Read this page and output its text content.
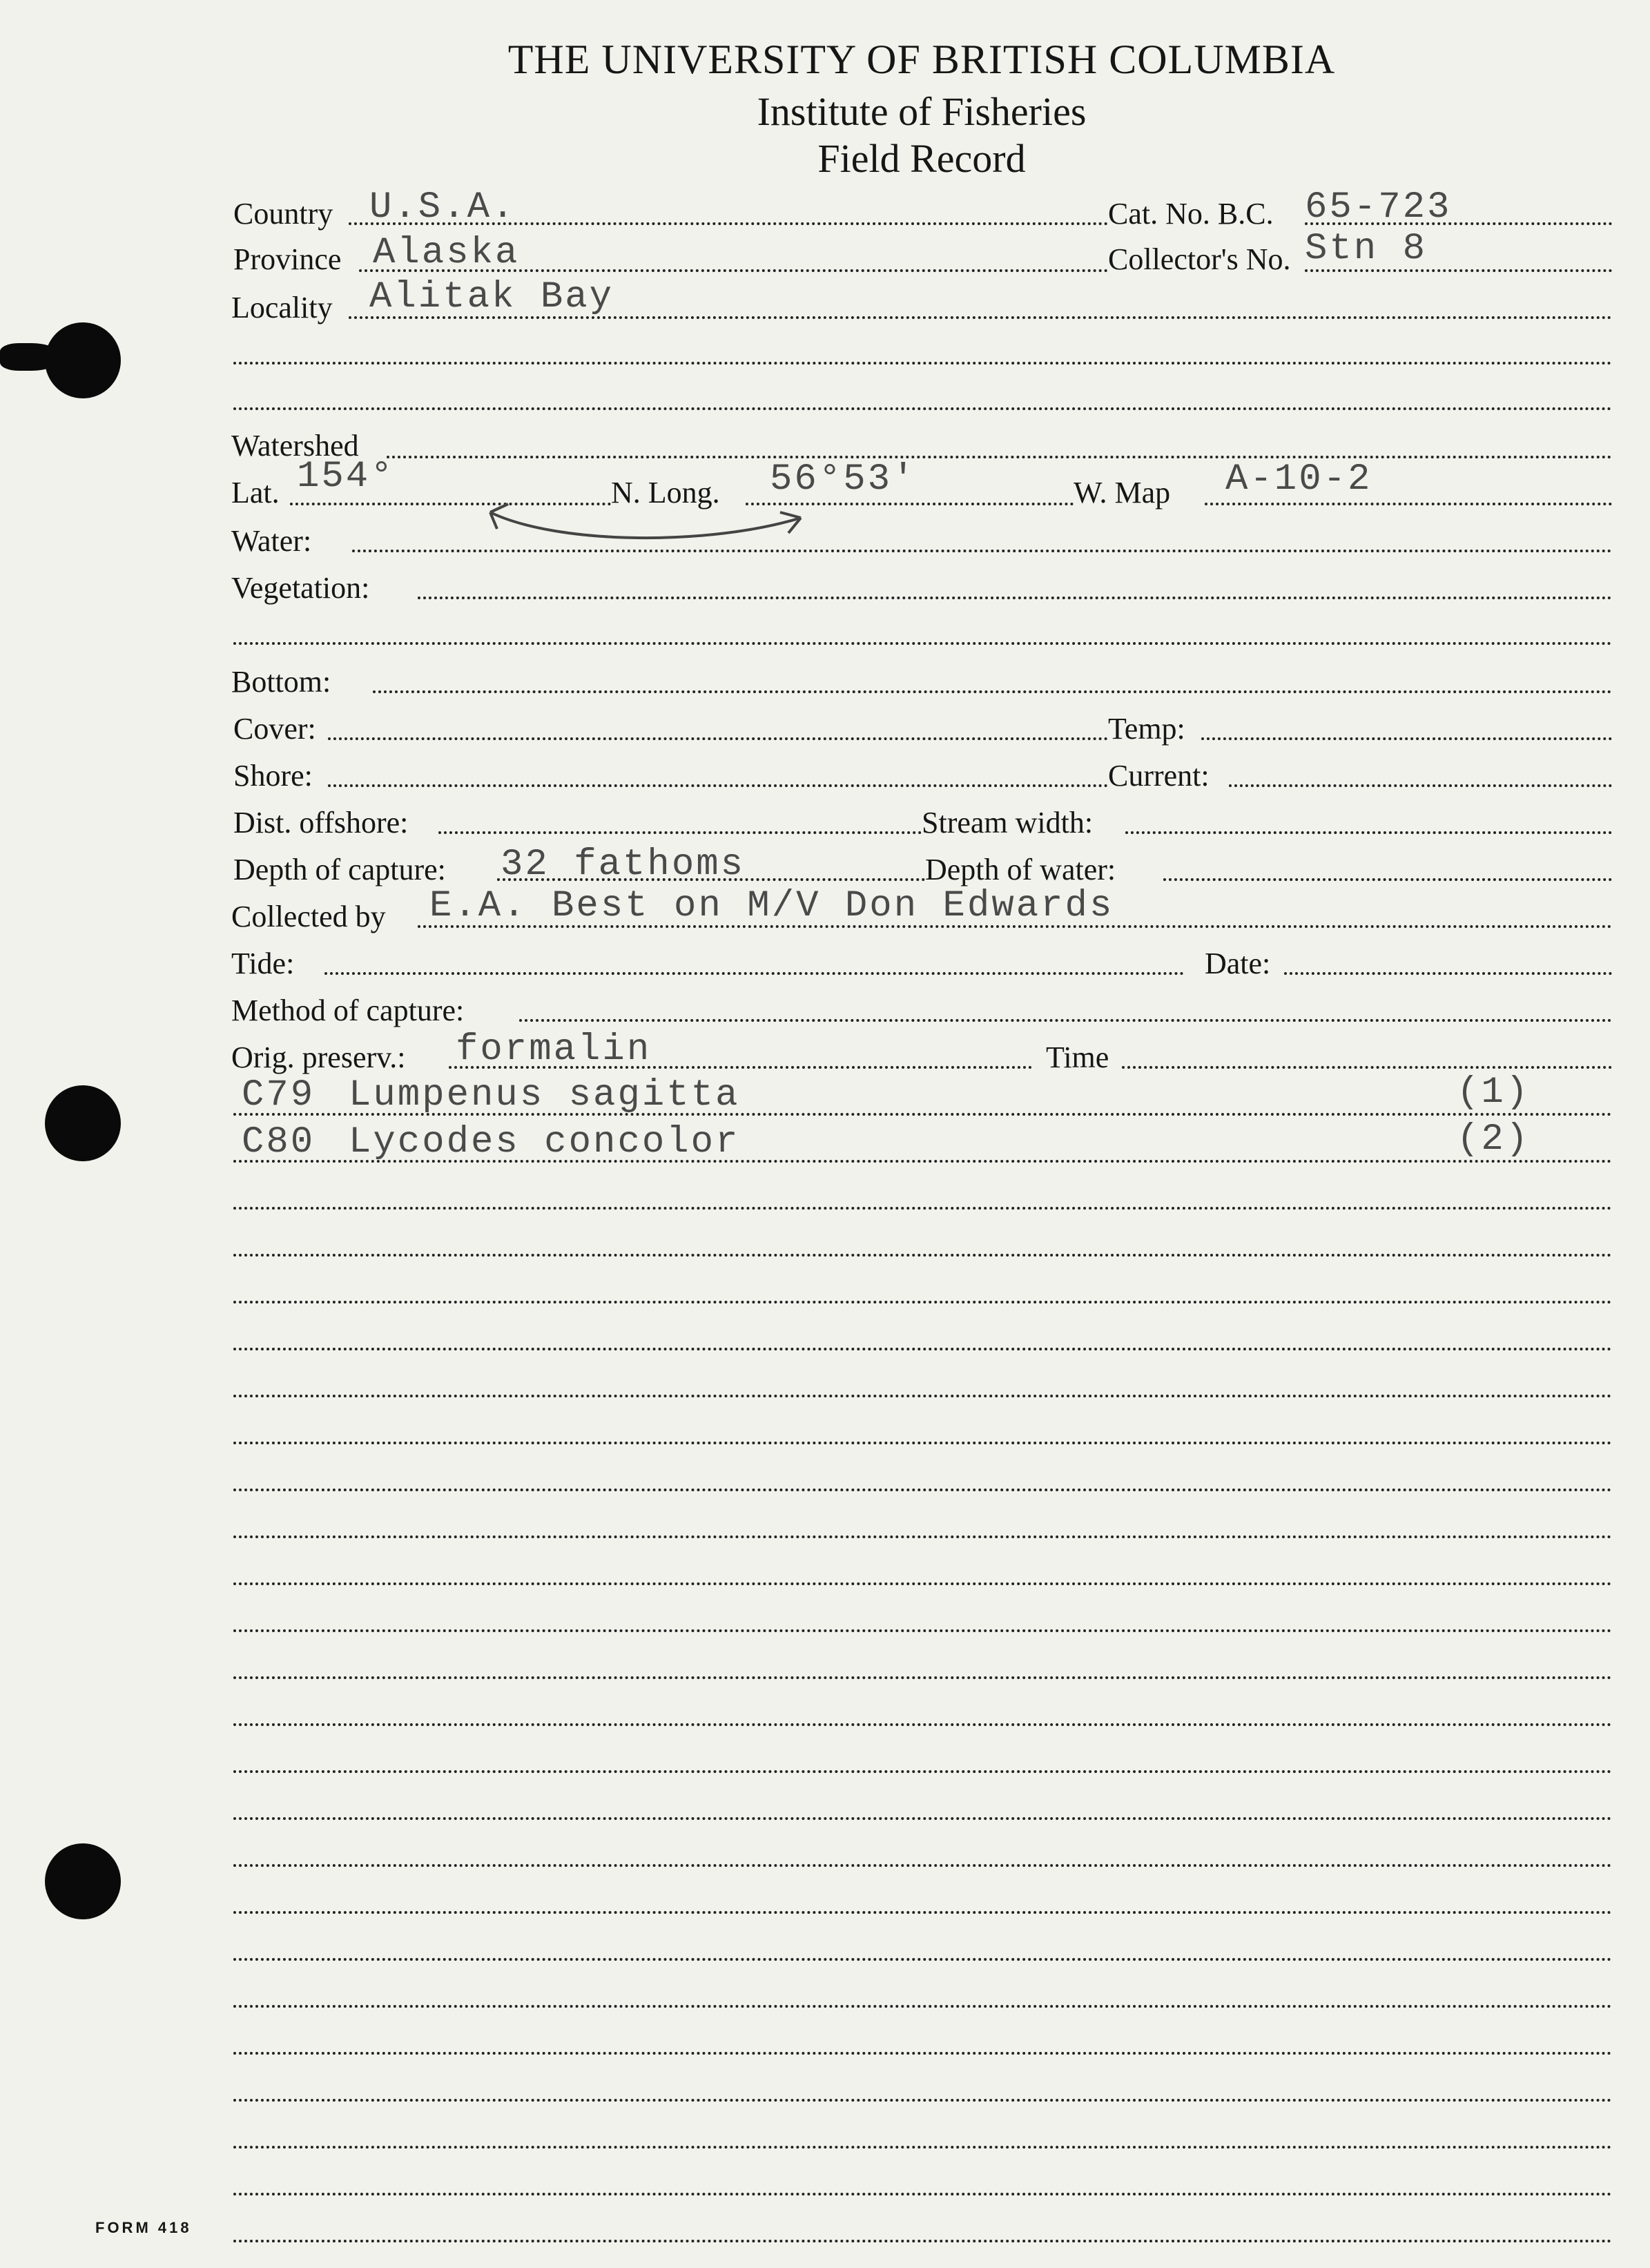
THE UNIVERSITY OF BRITISH COLUMBIA
Institute of Fisheries
Field Record
Country U.S.A.	Cat. No. B.C. 65-723
Province Alaska	Collector's No. Stn 8
Locality Alitak Bay
Watershed
Lat. 154°	N. Long. 56°53'	W. Map A-10-2
Water:
Vegetation:
Bottom:
Cover:	Temp:
Shore:	Current:
Dist. offshore:	Stream width:
Depth of capture: 32 fathoms	Depth of water:
Collected by E.A. Best on M/V Don Edwards
Tide:	Date:
Method of capture:
Orig. preserv.: formalin	Time
C79 Lumpenus sagitta	(1)
C80 Lycodes concolor	(2)
FORM 418
